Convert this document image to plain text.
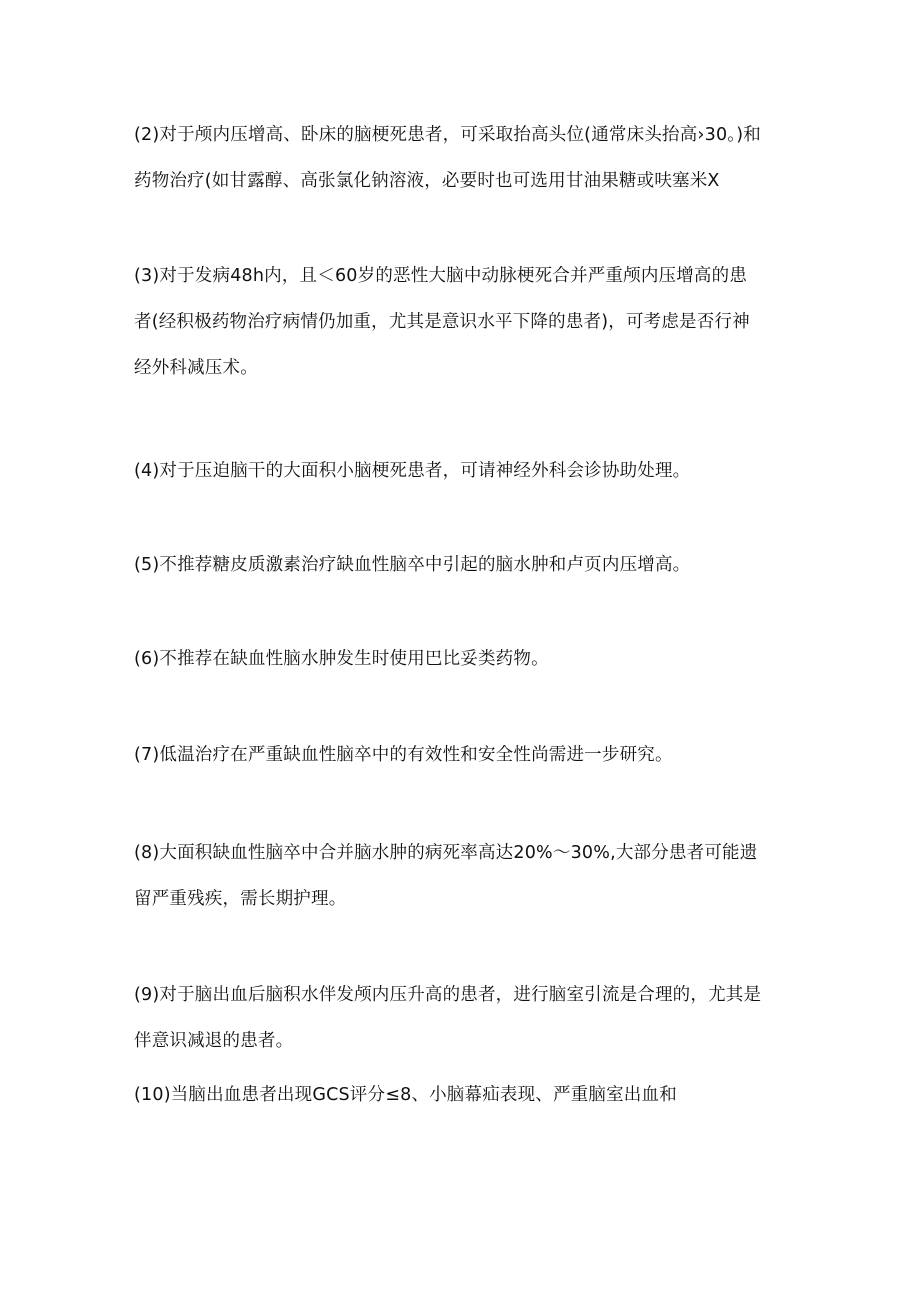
(2)对于颅内压增高、卧床的脑梗死患者，可采取抬高头位(通常床头抬高›30。)和
药物治疗(如甘露醇、高张氯化钠溶液，必要时也可选用甘油果糖或呋塞米X

(3)对于发病48h内，且＜60岁的恶性大脑中动脉梗死合并严重颅内压增高的患
者(经积极药物治疗病情仍加重，尤其是意识水平下降的患者)，可考虑是否行神
经外科减压术。

(4)对于压迫脑干的大面积小脑梗死患者，可请神经外科会诊协助处理。

(5)不推荐糖皮质激素治疗缺血性脑卒中引起的脑水肿和卢页内压增高。

(6)不推荐在缺血性脑水肿发生时使用巴比妥类药物。

(7)低温治疗在严重缺血性脑卒中的有效性和安全性尚需进一步研究。

(8)大面积缺血性脑卒中合并脑水肿的病死率高达20%～30%,大部分患者可能遗
留严重残疾，需长期护理。

(9)对于脑出血后脑积水伴发颅内压升高的患者，进行脑室引流是合理的，尤其是
伴意识减退的患者。

(10)当脑出血患者出现GCS评分≤8、小脑幕疝表现、严重脑室出血和
